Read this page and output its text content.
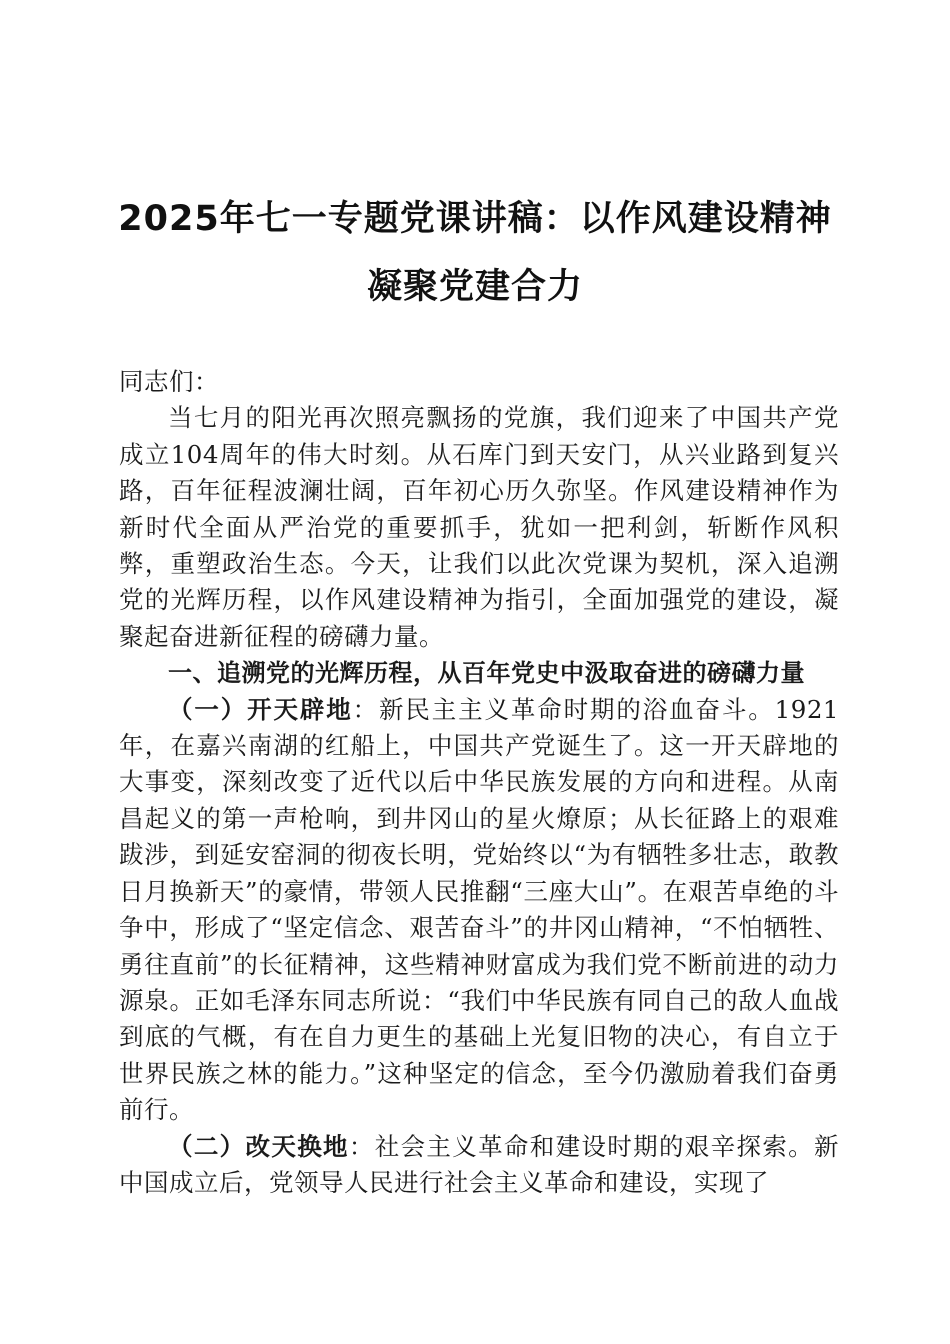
2025年七一专题党课讲稿：以作风建设精神
凝聚党建合力

同志们：

当七月的阳光再次照亮飘扬的党旗，我们迎来了中国共产党成立104周年的伟大时刻。从石库门到天安门，从兴业路到复兴路，百年征程波澜壮阔，百年初心历久弥坚。作风建设精神作为新时代全面从严治党的重要抓手，犹如一把利剑，斩断作风积弊，重塑政治生态。今天，让我们以此次党课为契机，深入追溯党的光辉历程，以作风建设精神为指引，全面加强党的建设，凝聚起奋进新征程的磅礴力量。

一、追溯党的光辉历程，从百年党史中汲取奋进的磅礴力量

（一）开天辟地：新民主主义革命时期的浴血奋斗。1921年，在嘉兴南湖的红船上，中国共产党诞生了。这一开天辟地的大事变，深刻改变了近代以后中华民族发展的方向和进程。从南昌起义的第一声枪响，到井冈山的星火燎原；从长征路上的艰难跋涉，到延安窑洞的彻夜长明，党始终以“为有牺牲多壮志，敢教日月换新天”的豪情，带领人民推翻“三座大山”。在艰苦卓绝的斗争中，形成了“坚定信念、艰苦奋斗”的井冈山精神，“不怕牺牲、勇往直前”的长征精神，这些精神财富成为我们党不断前进的动力源泉。正如毛泽东同志所说：“我们中华民族有同自己的敌人血战到底的气概，有在自力更生的基础上光复旧物的决心，有自立于世界民族之林的能力。”这种坚定的信念，至今仍激励着我们奋勇前行。

（二）改天换地：社会主义革命和建设时期的艰辛探索。新中国成立后，党领导人民进行社会主义革命和建设，实现了
